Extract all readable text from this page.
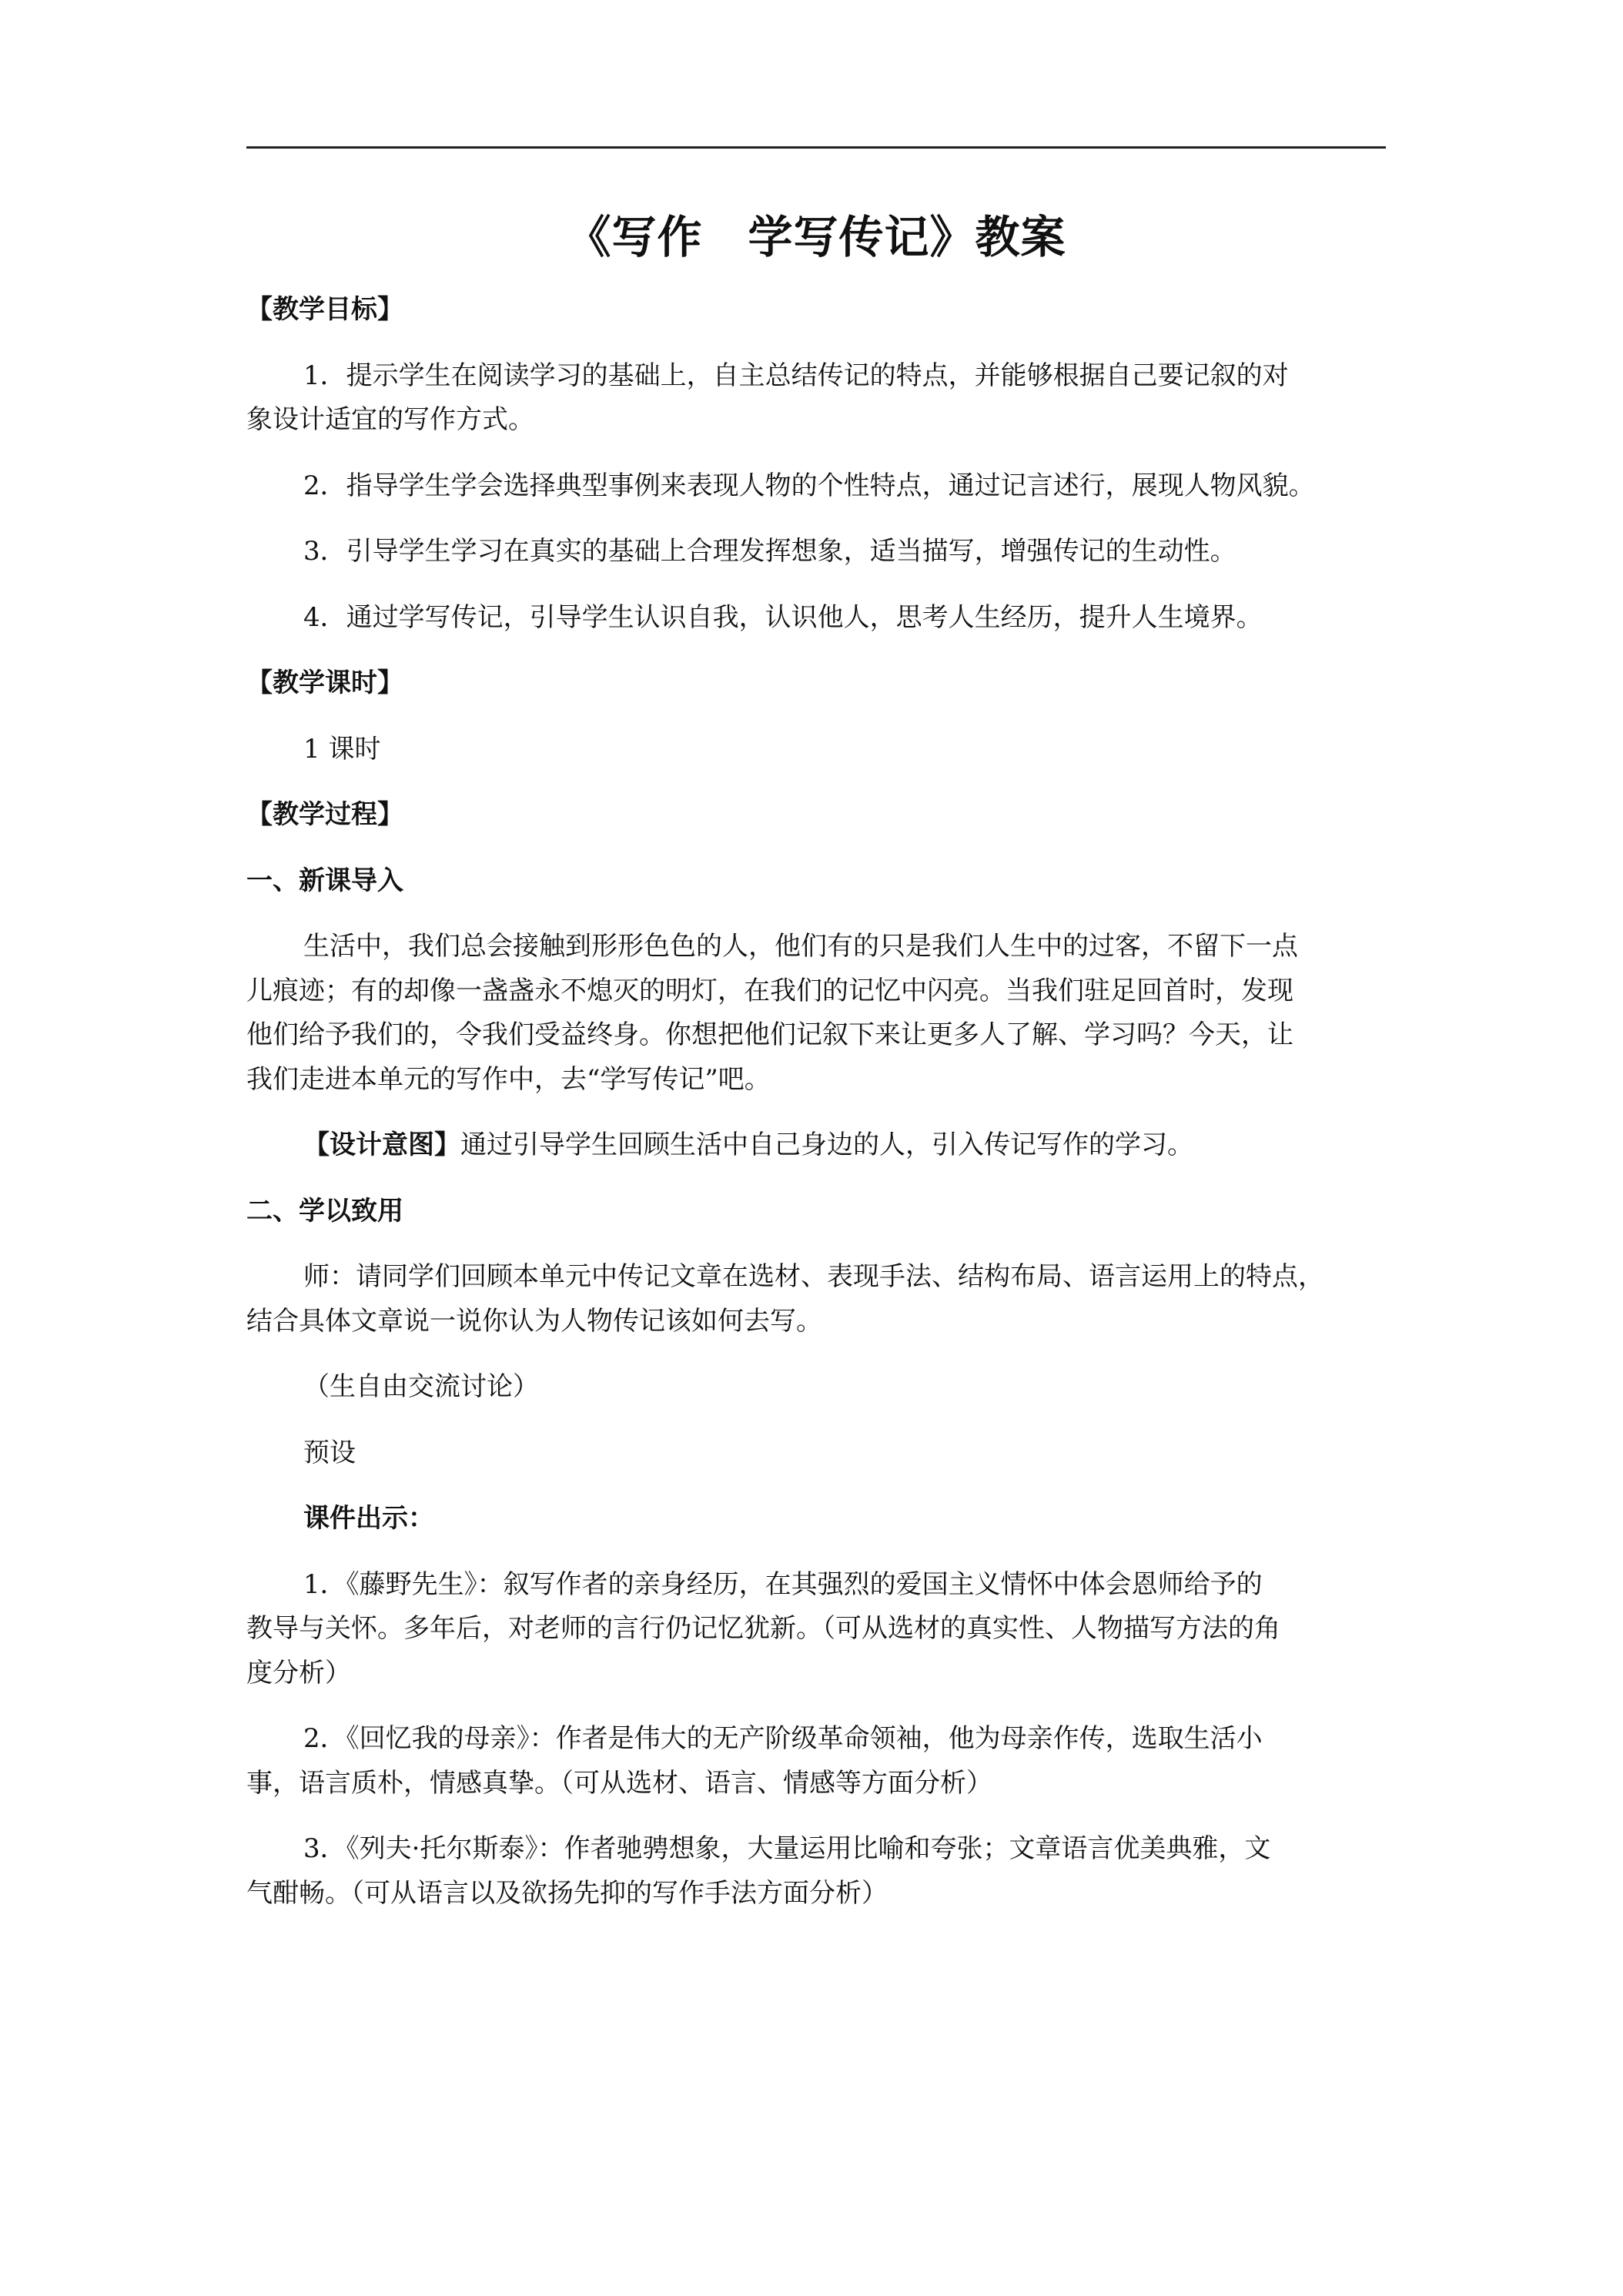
《写作　学写传记》教案

【教学目标】

1．提示学生在阅读学习的基础上，自主总结传记的特点，并能够根据自己要记叙的对

象设计适宜的写作方式。

2．指导学生学会选择典型事例来表现人物的个性特点，通过记言述行，展现人物风貌。

3．引导学生学习在真实的基础上合理发挥想象，适当描写，增强传记的生动性。

4．通过学写传记，引导学生认识自我，认识他人，思考人生经历，提升人生境界。

【教学课时】

1 课时

【教学过程】

一、新课导入

生活中，我们总会接触到形形色色的人，他们有的只是我们人生中的过客，不留下一点

儿痕迹；有的却像一盏盏永不熄灭的明灯，在我们的记忆中闪亮。当我们驻足回首时，发现
他们给予我们的，令我们受益终身。你想把他们记叙下来让更多人了解、学习吗？今天，让
我们走进本单元的写作中，去“学写传记”吧。

【设计意图】通过引导学生回顾生活中自己身边的人，引入传记写作的学习。

二、学以致用

师：请同学们回顾本单元中传记文章在选材、表现手法、结构布局、语言运用上的特点，

结合具体文章说一说你认为人物传记该如何去写。

（生自由交流讨论）

预设

课件出示：

1．《藤野先生》：叙写作者的亲身经历，在其强烈的爱国主义情怀中体会恩师给予的

教导与关怀。多年后，对老师的言行仍记忆犹新。（可从选材的真实性、人物描写方法的角
度分析）

2．《回忆我的母亲》：作者是伟大的无产阶级革命领袖，他为母亲作传，选取生活小

事，语言质朴，情感真挚。（可从选材、语言、情感等方面分析）

3．《列夫·托尔斯泰》：作者驰骋想象，大量运用比喻和夸张；文章语言优美典雅，文

气酣畅。（可从语言以及欲扬先抑的写作手法方面分析）
